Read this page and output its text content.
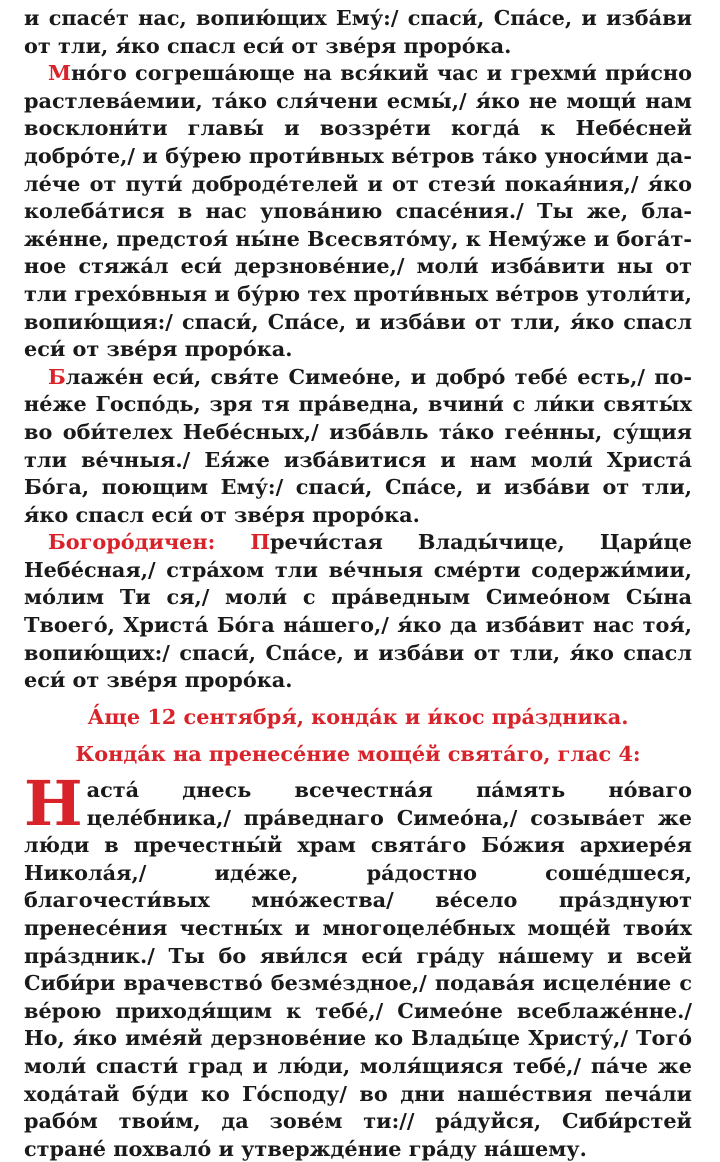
и спасе́т нас, вопию́щих Ему́:/ спаси́, Спа́се, и изба́ви от тли, я́ко спасл еси́ от звéря проро́ка.

Мно́го согреша́юще на вся́кий час и грехми́ при́сно растлева́емии, та́ко сля́чени есмы́,/ я́ко не мощи́ нам восклони́ти главы́ и воззре́ти когда́ к Небе́сней добро́те,/ и бу́рею проти́вных ве́тров та́ко уноси́ми дале́че от пути́ доброде́телей и от стези́ покая́ния,/ я́ко колеба́тися в нас упова́нию спасе́ния./ Ты же, блаже́нне, предстоя́ ны́не Всесвято́му, к Нему́же и бога́тное стяжа́л еси́ дерзнове́ние,/ моли́ изба́вити ны от тли грехо́вныя и бу́рю тех проти́вных ве́тров утоли́ти, вопию́щия:/ спаси́, Спа́се, и изба́ви от тли, я́ко спасл еси́ от звéря проро́ка.

Блаже́н еси́, свя́те Симео́не, и добро́ тебе́ есть,/ поне́же Госпо́дь, зря тя пра́ведна, вчини́ с ли́ки святы́х во оби́телех Небе́сных,/ изба́вль та́ко гее́нны, су́щия тли ве́чныя./ Ея́же изба́витися и нам моли́ Христа́ Бо́га, поющим Ему́:/ спаси́, Спа́се, и изба́ви от тли, я́ко спасл еси́ от звéря проро́ка.

Богоро́дичен: Пречи́стая Влады́чице, Цари́це Небе́сная,/ стра́хом тли ве́чныя сме́рти содержи́мии, мо́лим Ти ся,/ моли́ с пра́ведным Симео́ном Сы́на Твоего́, Христа́ Бо́га на́шего,/ я́ко да изба́вит нас тоя́, вопию́щих:/ спаси́, Спа́се, и изба́ви от тли, я́ко спасл еси́ от звéря проро́ка.

А́ще 12 сентября́, конда́к и и́кос пра́здника.

Конда́к на пренесе́ние моще́й свята́го, глас 4:

Наста́ днесь всечестна́я па́мять но́ваго целе́бника,/ пра́веднаго Симео́на,/ созыва́ет же лю́ди в пречестны́й храм свята́го Бо́жия архиере́я Никола́я,/ иде́же, ра́достно соше́дшеся, благочести́вых мно́жества/ ве́село пра́зднуют пренесе́ния честны́х и многоцеле́бных моще́й твои́х пра́здник./ Ты бо яви́лся еси́ гра́ду на́шему и всей Сиби́ри врачевство́ безме́здное,/ подава́я исцеле́ние с ве́рою приходя́щим к тебе́,/ Симео́не всеблаже́нне./ Но, я́ко име́яй дерзнове́ние ко Влады́це Христу́,/ Того́ моли́ спасти́ град и лю́ди, моля́щияся тебе́,/ па́че же хода́тай бу́ди ко Го́споду/ во дни наше́ствия печа́ли рабо́м твои́м, да зове́м ти:// ра́дуйся, Сиби́рстей стране́ похвало́ и утвержде́ние гра́ду на́шему.
